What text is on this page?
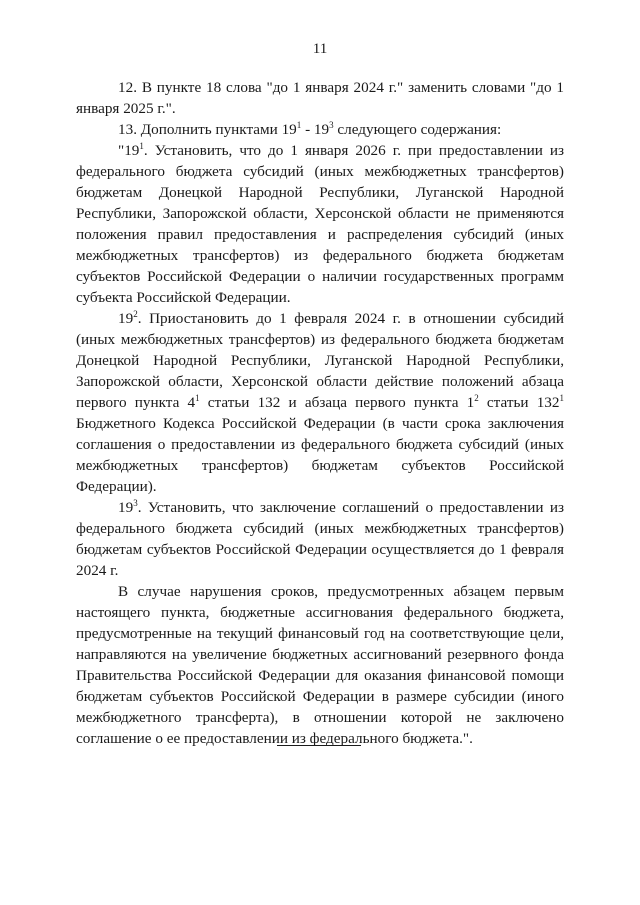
11

12. В пункте 18 слова "до 1 января 2024 г." заменить словами "до 1 января 2025 г.".

13. Дополнить пунктами $19^1 - 19^3$ следующего содержания:

"$19^1$. Установить, что до 1 января 2026 г. при предоставлении из федерального бюджета субсидий (иных межбюджетных трансфертов) бюджетам Донецкой Народной Республики, Луганской Народной Республики, Запорожской области, Херсонской области не применяются положения правил предоставления и распределения субсидий (иных межбюджетных трансфертов) из федерального бюджета бюджетам субъектов Российской Федерации о наличии государственных программ субъекта Российской Федерации.

$19^2$. Приостановить до 1 февраля 2024 г. в отношении субсидий (иных межбюджетных трансфертов) из федерального бюджета бюджетам Донецкой Народной Республики, Луганской Народной Республики, Запорожской области, Херсонской области действие положений абзаца первого пункта $4^1$ статьи 132 и абзаца первого пункта $1^2$ статьи $132^1$ Бюджетного Кодекса Российской Федерации (в части срока заключения соглашения о предоставлении из федерального бюджета субсидий (иных межбюджетных трансфертов) бюджетам субъектов Российской Федерации).

$19^3$. Установить, что заключение соглашений о предоставлении из федерального бюджета субсидий (иных межбюджетных трансфертов) бюджетам субъектов Российской Федерации осуществляется до 1 февраля 2024 г.

В случае нарушения сроков, предусмотренных абзацем первым настоящего пункта, бюджетные ассигнования федерального бюджета, предусмотренные на текущий финансовый год на соответствующие цели, направляются на увеличение бюджетных ассигнований резервного фонда Правительства Российской Федерации для оказания финансовой помощи бюджетам субъектов Российской Федерации в размере субсидии (иного межбюджетного трансферта), в отношении которой не заключено соглашение о ее предоставлении из федерального бюджета.".
